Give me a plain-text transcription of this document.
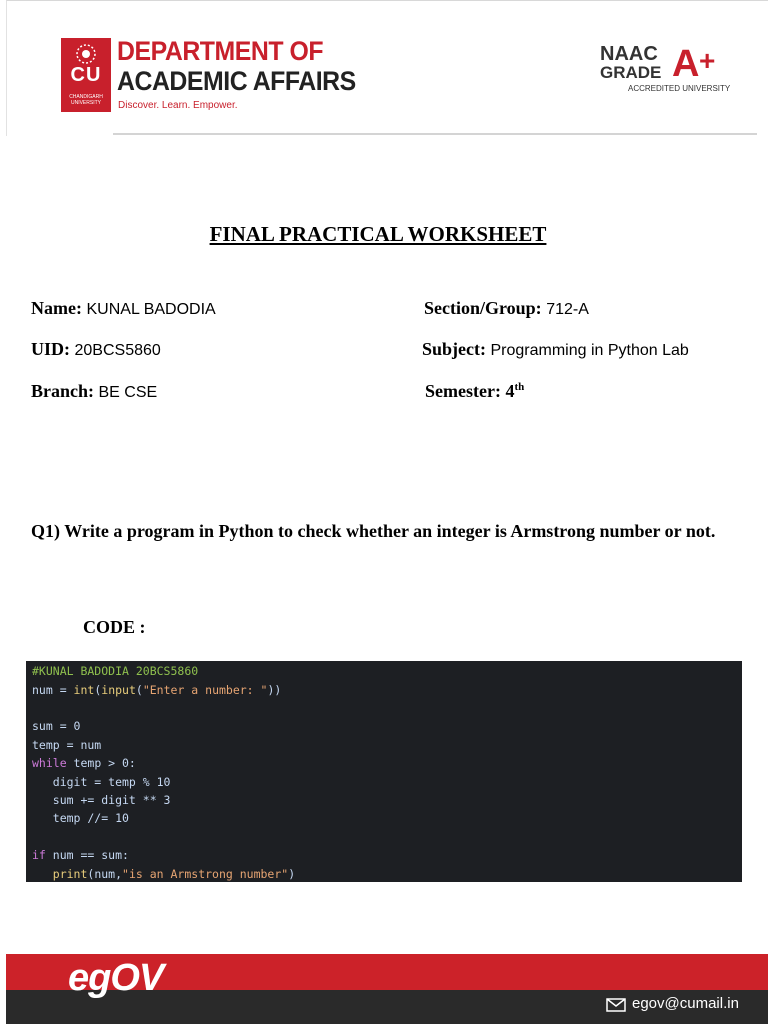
CU
CHANDIGARH UNIVERSITY
DEPARTMENT OF
ACADEMIC AFFAIRS
Discover. Learn. Empower.
NAAC
GRADE A +
ACCREDITED UNIVERSITY
FINAL PRACTICAL WORKSHEET
Name: KUNAL BADODIA	Section/Group: 712-A
UID: 20BCS5860	Subject: Programming in Python Lab
Branch: BE CSE	Semester: 4th
Q1) Write a program in Python to check whether an integer is Armstrong number or not.
CODE :
#KUNAL BADODIA 20BCS5860
num = int(input("Enter a number: "))
sum = 0
temp = num
while temp > 0:
digit = temp % 10
sum += digit ** 3
temp //= 10
if num == sum:
print(num,"is an Armstrong number")
egOV
egov@cumail.in
